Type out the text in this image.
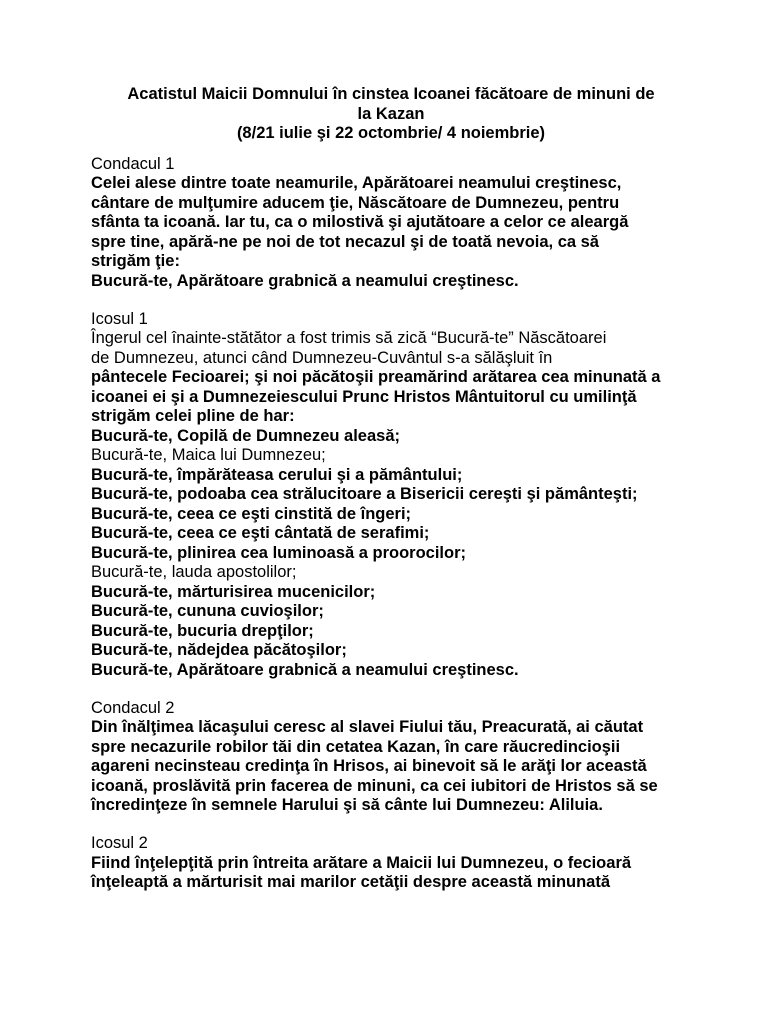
Acatistul Maicii Domnului în cinstea Icoanei făcătoare de minuni de
la Kazan
(8/21 iulie şi 22 octombrie/ 4 noiembrie)
Condacul 1
Celei alese dintre toate neamurile, Apărătoarei neamului creştinesc,
cântare de mulţumire aducem ţie, Născătoare de Dumnezeu, pentru
sfânta ta icoană. Iar tu, ca o milostivă şi ajutătoare a celor ce aleargă
spre tine, apără-ne pe noi de tot necazul şi de toată nevoia, ca să
strigăm ţie:
Bucură-te, Apărătoare grabnică a neamului creştinesc.
Icosul 1
Îngerul cel înainte-stătător a fost trimis să zică “Bucură-te” Născătoarei
de Dumnezeu, atunci când Dumnezeu-Cuvântul s-a sălăşluit în
pântecele Fecioarei; şi noi păcătoşii preamărind arătarea cea minunată a
icoanei ei şi a Dumnezeiescului Prunc Hristos Mântuitorul cu umilinţă
strigăm celei pline de har:
Bucură-te, Copilă de Dumnezeu aleasă;
Bucură-te, Maica lui Dumnezeu;
Bucură-te, împărăteasa cerului şi a pământului;
Bucură-te, podoaba cea strălucitoare a Bisericii cereşti şi pământeşti;
Bucură-te, ceea ce eşti cinstită de îngeri;
Bucură-te, ceea ce eşti cântată de serafimi;
Bucură-te, plinirea cea luminoasă a proorocilor;
Bucură-te, lauda apostolilor;
Bucură-te, mărturisirea mucenicilor;
Bucură-te, cununa cuvioşilor;
Bucură-te, bucuria drepţilor;
Bucură-te, nădejdea păcătoşilor;
Bucură-te, Apărătoare grabnică a neamului creştinesc.
Condacul 2
Din înălţimea lăcaşului ceresc al slavei Fiului tău, Preacurată, ai căutat
spre necazurile robilor tăi din cetatea Kazan, în care răucredincioşii
agareni necinsteau credinţa în Hrisos, ai binevoit să le arăţi lor această
icoană, proslăvită prin facerea de minuni, ca cei iubitori de Hristos să se
încredinţeze în semnele Harului şi să cânte lui Dumnezeu: Aliluia.
Icosul 2
Fiind înţelepţită prin întreita arătare a Maicii lui Dumnezeu, o fecioară
înţeleaptă a mărturisit mai marilor cetăţii despre această minunată
